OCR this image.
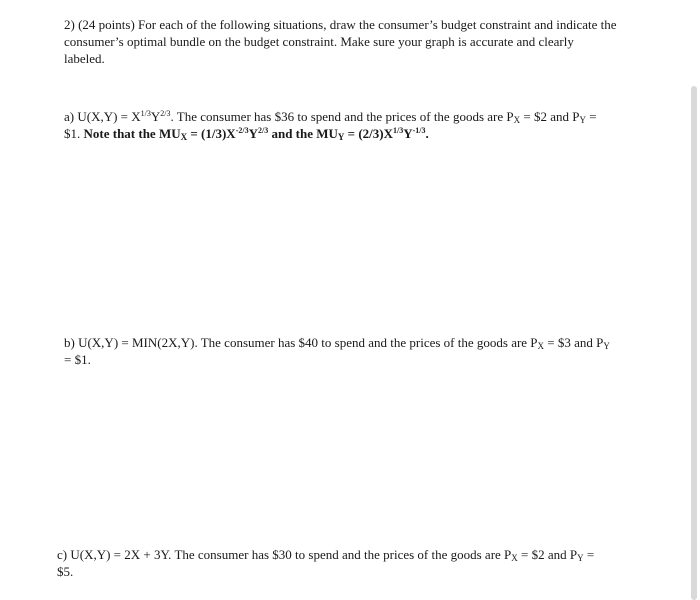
2) (24 points) For each of the following situations, draw the consumer’s budget constraint and indicate the
consumer’s optimal bundle on the budget constraint. Make sure your graph is accurate and clearly
labeled.
a) $U(X,Y) = X^{1/3}Y^{2/3}$. The consumer has $36 to spend and the prices of the goods are $P_X$ = $2 and $P_Y$ =
$1. Note that the $MU_X = (1/3)X^{-2/3}Y^{2/3}$ and the $MU_Y = (2/3)X^{1/3}Y^{-1/3}$.
b) U(X,Y) = MIN(2X,Y). The consumer has $40 to spend and the prices of the goods are $P_X$ = $3 and $P_Y$
= $1.
c) U(X,Y) = 2X + 3Y. The consumer has $30 to spend and the prices of the goods are $P_X$ = $2 and $P_Y$ =
$5.
